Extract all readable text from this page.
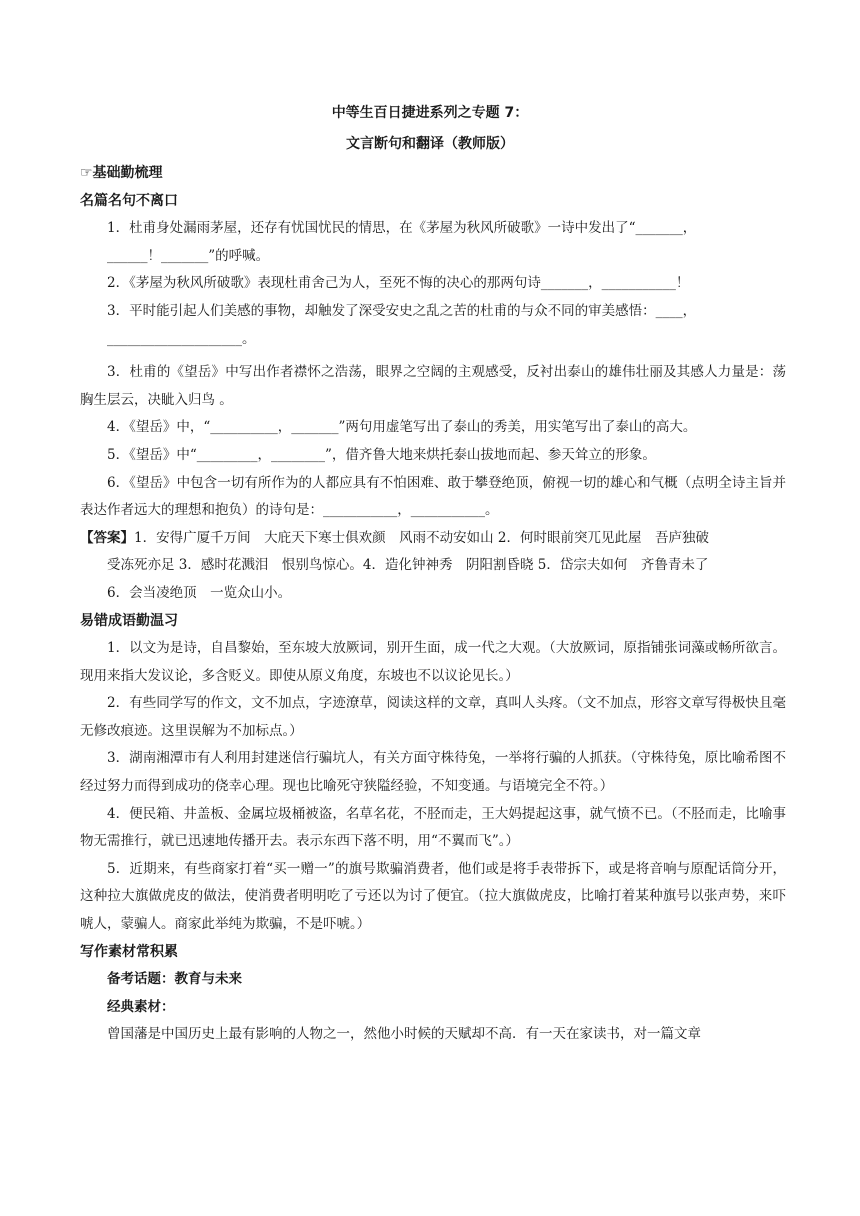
中等生百日捷进系列之专题 7：
文言断句和翻译（教师版）
☞基础勤梳理
名篇名句不离口
1．杜甫身处漏雨茅屋，还存有忧国忧民的情思，在《茅屋为秋风所破歌》一诗中发出了“_______，
______！_______”的呼喊。
2．《茅屋为秋风所破歌》表现杜甫舍己为人，至死不悔的决心的那两句诗_______，___________！
3．平时能引起人们美感的事物，却触发了深受安史之乱之苦的杜甫的与众不同的审美感悟：____，
____________________。
3．杜甫的《望岳》中写出作者襟怀之浩荡，眼界之空阔的主观感受，反衬出泰山的雄伟壮丽及其感人力量是：荡胸生层云，决眦入归鸟 。
4．《望岳》中，“__________，_______”两句用虚笔写出了泰山的秀美，用实笔写出了泰山的高大。
5．《望岳》中“_________，________”，借齐鲁大地来烘托泰山拔地而起、参天耸立的形象。
6．《望岳》中包含一切有所作为的人都应具有不怕困难、敢于攀登绝顶，俯视一切的雄心和气概（点明全诗主旨并表达作者远大的理想和抱负）的诗句是：___________，___________。
【答案】1．安得广厦千万间　大庇天下寒士俱欢颜　风雨不动安如山 2．何时眼前突兀见此屋　吾庐独破
受冻死亦足 3．感时花溅泪　恨别鸟惊心。4．造化钟神秀　阴阳割昏晓 5．岱宗夫如何　齐鲁青未了
6．会当凌绝顶　一览众山小。
易错成语勤温习
1．以文为是诗，自昌黎始，至东坡大放厥词，别开生面，成一代之大观。（大放厥词，原指铺张词藻或畅所欲言。现用来指大发议论，多含贬义。即使从原义角度，东坡也不以议论见长。）
2．有些同学写的作文，文不加点，字迹潦草，阅读这样的文章，真叫人头疼。（文不加点，形容文章写得极快且毫无修改痕迹。这里误解为不加标点。）
3．湖南湘潭市有人利用封建迷信行骗坑人，有关方面守株待兔，一举将行骗的人抓获。（守株待兔，原比喻希图不经过努力而得到成功的侥幸心理。现也比喻死守狭隘经验，不知变通。与语境完全不符。）
4．便民箱、井盖板、金属垃圾桶被盗，名草名花，不胫而走，王大妈提起这事，就气愤不已。（不胫而走，比喻事物无需推行，就已迅速地传播开去。表示东西下落不明，用“不翼而飞”。）
5．近期来，有些商家打着“买一赠一”的旗号欺骗消费者，他们或是将手表带拆下，或是将音响与原配话筒分开，这种拉大旗做虎皮的做法，使消费者明明吃了亏还以为讨了便宜。（拉大旗做虎皮，比喻打着某种旗号以张声势，来吓唬人，蒙骗人。商家此举纯为欺骗，不是吓唬。）
写作素材常积累
备考话题：教育与未来
经典素材：
曾国藩是中国历史上最有影响的人物之一，然他小时候的天赋却不高．有一天在家读书，对一篇文章
